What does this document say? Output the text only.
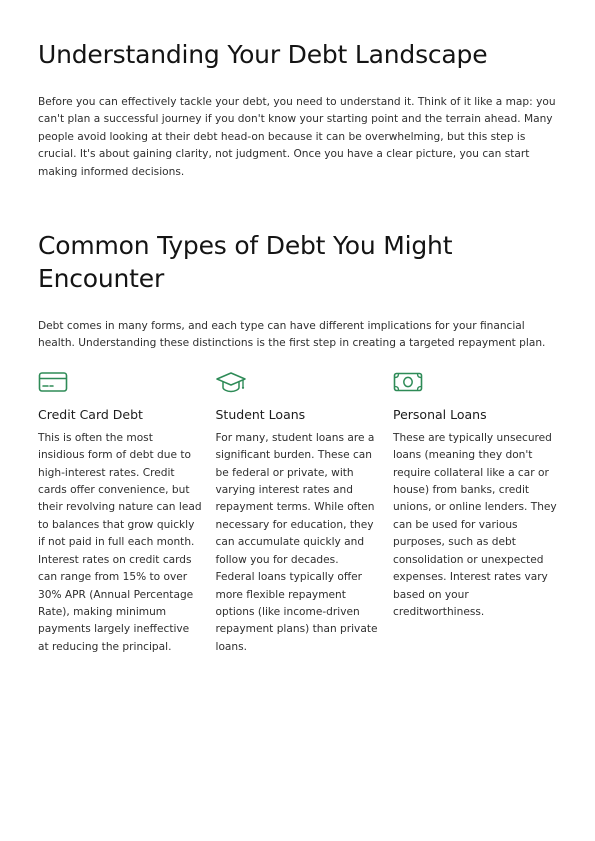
Understanding Your Debt Landscape

Before you can effectively tackle your debt, you need to understand it. Think of it like a map: you can't plan a successful journey if you don't know your starting point and the terrain ahead. Many people avoid looking at their debt head-on because it can be overwhelming, but this step is crucial. It's about gaining clarity, not judgment. Once you have a clear picture, you can start making informed decisions.

Common Types of Debt You Might Encounter

Debt comes in many forms, and each type can have different implications for your financial health. Understanding these distinctions is the first step in creating a targeted repayment plan.

Credit Card Debt
This is often the most insidious form of debt due to high-interest rates. Credit cards offer convenience, but their revolving nature can lead to balances that grow quickly if not paid in full each month. Interest rates on credit cards can range from 15% to over 30% APR (Annual Percentage Rate), making minimum payments largely ineffective at reducing the principal.
Student Loans
For many, student loans are a significant burden. These can be federal or private, with varying interest rates and repayment terms. While often necessary for education, they can accumulate quickly and follow you for decades. Federal loans typically offer more flexible repayment options (like income-driven repayment plans) than private loans.
Personal Loans
These are typically unsecured loans (meaning they don't require collateral like a car or house) from banks, credit unions, or online lenders. They can be used for various purposes, such as debt consolidation or unexpected expenses. Interest rates vary based on your creditworthiness.
